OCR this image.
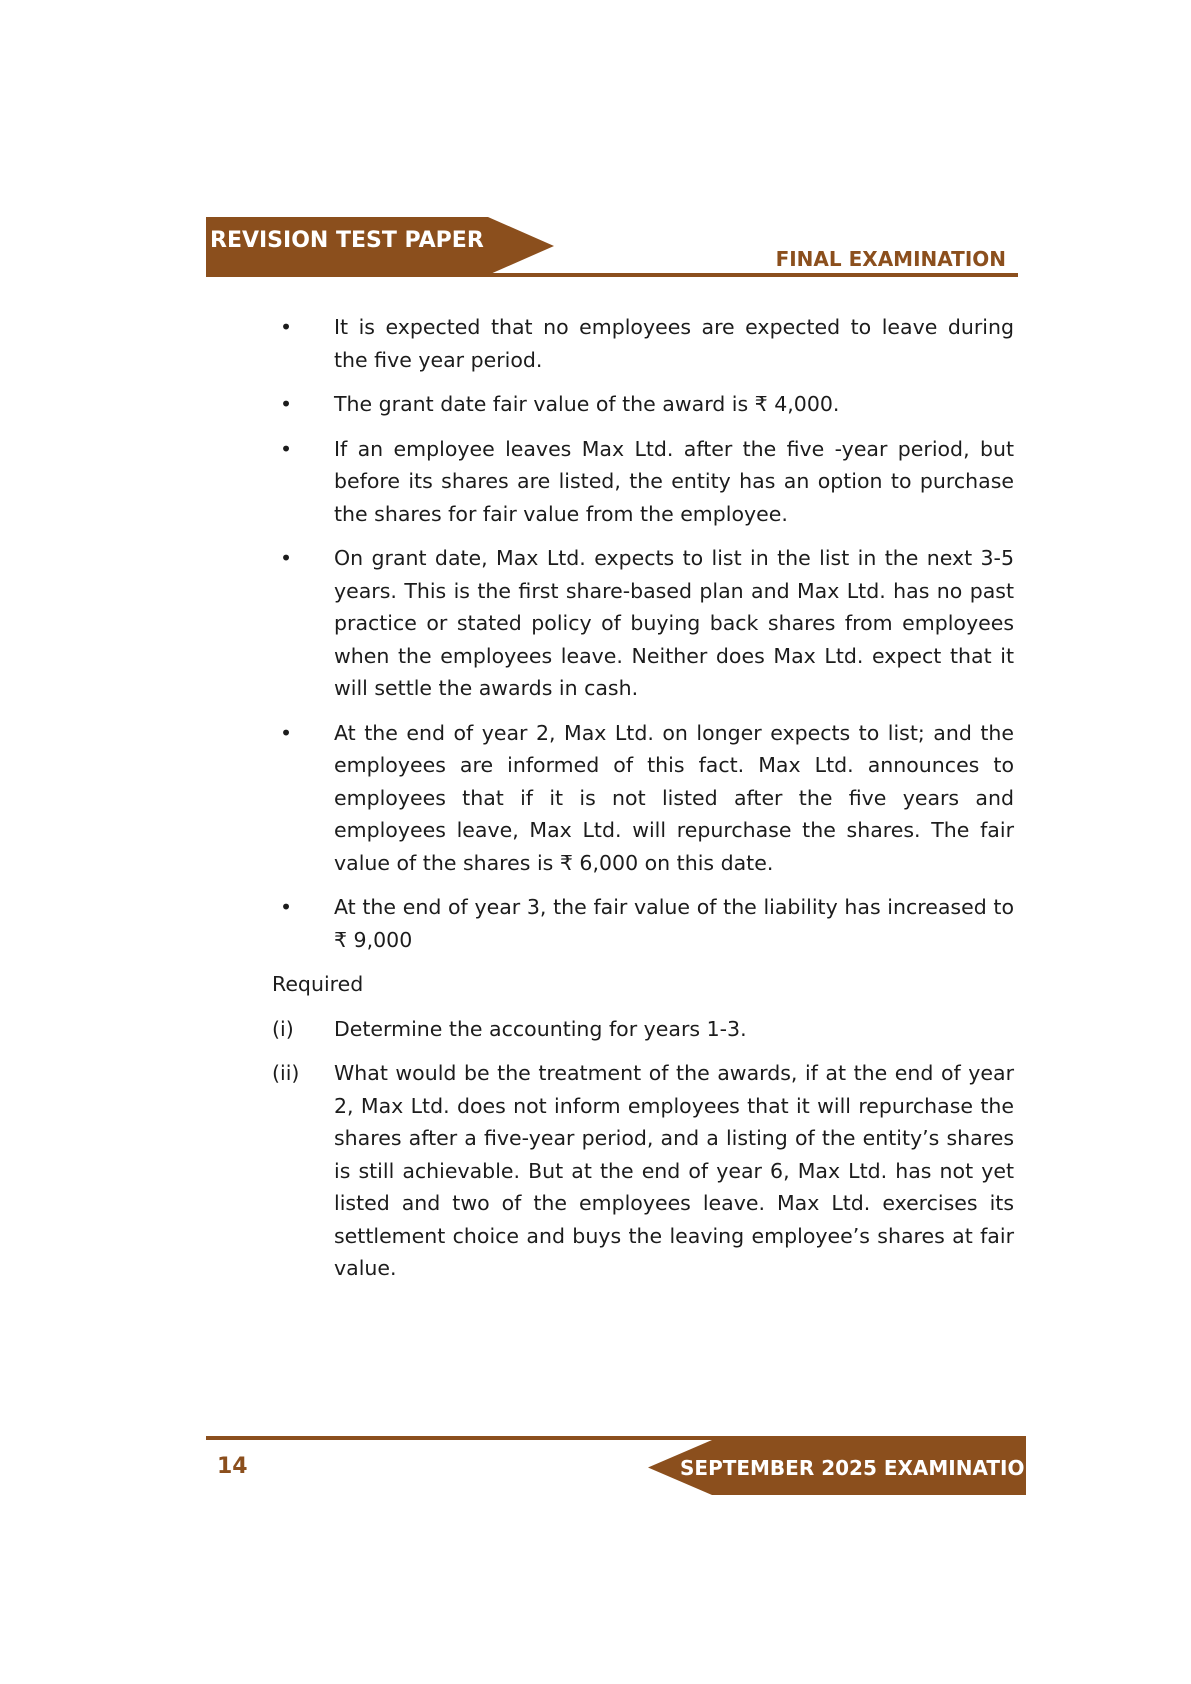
REVISION TEST PAPER
FINAL EXAMINATION
• It is expected that no employees are expected to leave during the five year period.
• The grant date fair value of the award is ₹ 4,000.
• If an employee leaves Max Ltd. after the five -year period, but before its shares are listed, the entity has an option to purchase the shares for fair value from the employee.
• On grant date, Max Ltd. expects to list in the list in the next 3-5 years. This is the first share-based plan and Max Ltd. has no past practice or stated policy of buying back shares from employees when the employees leave. Neither does Max Ltd. expect that it will settle the awards in cash.
• At the end of year 2, Max Ltd. on longer expects to list; and the employees are informed of this fact. Max Ltd. announces to employees that if it is not listed after the five years and employees leave, Max Ltd. will repurchase the shares. The fair value of the shares is ₹ 6,000 on this date.
• At the end of year 3, the fair value of the liability has increased to ₹ 9,000
Required
(i) Determine the accounting for years 1-3.
(ii) What would be the treatment of the awards, if at the end of year 2, Max Ltd. does not inform employees that it will repurchase the shares after a five-year period, and a listing of the entity’s shares is still achievable. But at the end of year 6, Max Ltd. has not yet listed and two of the employees leave. Max Ltd. exercises its settlement choice and buys the leaving employee’s shares at fair value.
14	SEPTEMBER 2025 EXAMINATION
